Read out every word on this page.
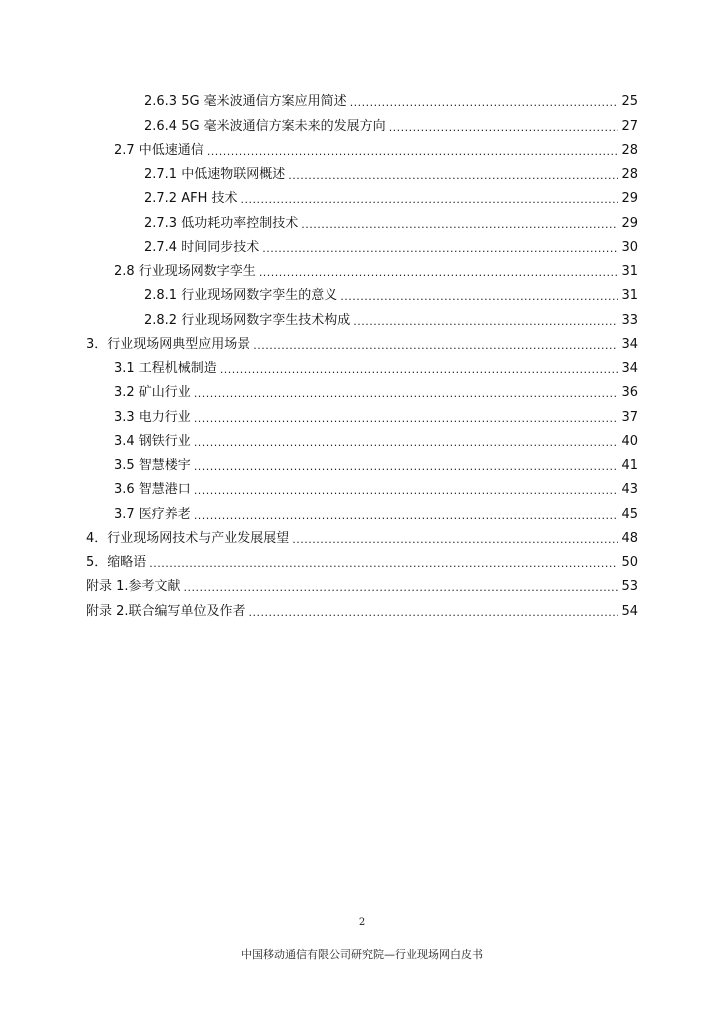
2.6.3 5G 毫米波通信方案应用简述 .....	25
2.6.4 5G 毫米波通信方案未来的发展方向 .....	27
2.7 中低速通信 .....	28
2.7.1 中低速物联网概述 .....	28
2.7.2 AFH 技术 .....	29
2.7.3 低功耗功率控制技术 .....	29
2.7.4 时间同步技术 .....	30
2.8 行业现场网数字孪生 .....	31
2.8.1 行业现场网数字孪生的意义 .....	31
2.8.2 行业现场网数字孪生技术构成 .....	33
3．行业现场网典型应用场景 .....	34
3.1 工程机械制造 .....	34
3.2 矿山行业 .....	36
3.3 电力行业 .....	37
3.4 钢铁行业 .....	40
3.5 智慧楼宇 .....	41
3.6 智慧港口 .....	43
3.7 医疗养老 .....	45
4．行业现场网技术与产业发展展望 .....	48
5．缩略语 .....	50
附录 1.参考文献 .....	53
附录 2.联合编写单位及作者 .....	54
2
中国移动通信有限公司研究院—行业现场网白皮书
